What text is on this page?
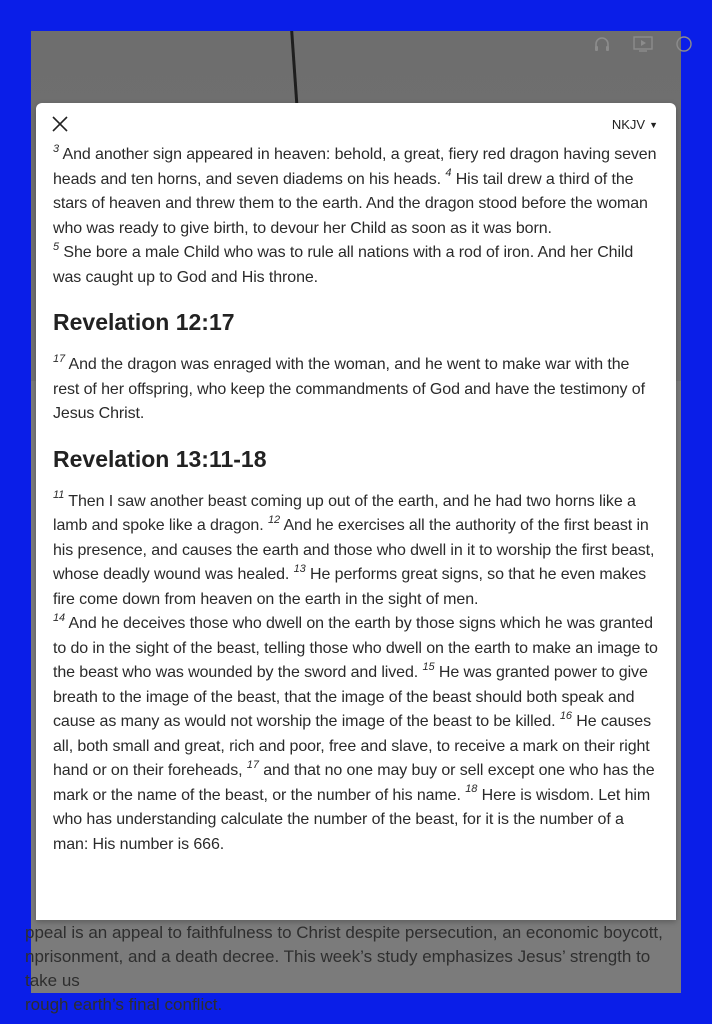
ppeal is an appeal to faithfulness to Christ despite persecution, an economic boycott,
nprisonment, and a death decree. This week’s study emphasizes Jesus’ strength to take us
rough earth’s final conflict.
NKJV ▼

$^3$ And another sign appeared in heaven: behold, a great, fiery red dragon having seven heads and ten horns, and seven diadems on his heads. $^4$ His tail drew a third of the stars of heaven and threw them to the earth. And the dragon stood before the woman who was ready to give birth, to devour her Child as soon as it was born.
$^5$ She bore a male Child who was to rule all nations with a rod of iron. And her Child was caught up to God and His throne.

Revelation 12:17

$^{17}$ And the dragon was enraged with the woman, and he went to make war with the rest of her offspring, who keep the commandments of God and have the testimony of Jesus Christ.

Revelation 13:11-18

$^{11}$ Then I saw another beast coming up out of the earth, and he had two horns like a lamb and spoke like a dragon. $^{12}$ And he exercises all the authority of the first beast in his presence, and causes the earth and those who dwell in it to worship the first beast, whose deadly wound was healed. $^{13}$ He performs great signs, so that he even makes fire come down from heaven on the earth in the sight of men.
$^{14}$ And he deceives those who dwell on the earth by those signs which he was granted to do in the sight of the beast, telling those who dwell on the earth to make an image to the beast who was wounded by the sword and lived. $^{15}$ He was granted power to give breath to the image of the beast, that the image of the beast should both speak and cause as many as would not worship the image of the beast to be killed. $^{16}$ He causes all, both small and great, rich and poor, free and slave, to receive a mark on their right hand or on their foreheads, $^{17}$ and that no one may buy or sell except one who has the mark or the name of the beast, or the number of his name. $^{18}$ Here is wisdom. Let him who has understanding calculate the number of the beast, for it is the number of a man: His number is 666.
